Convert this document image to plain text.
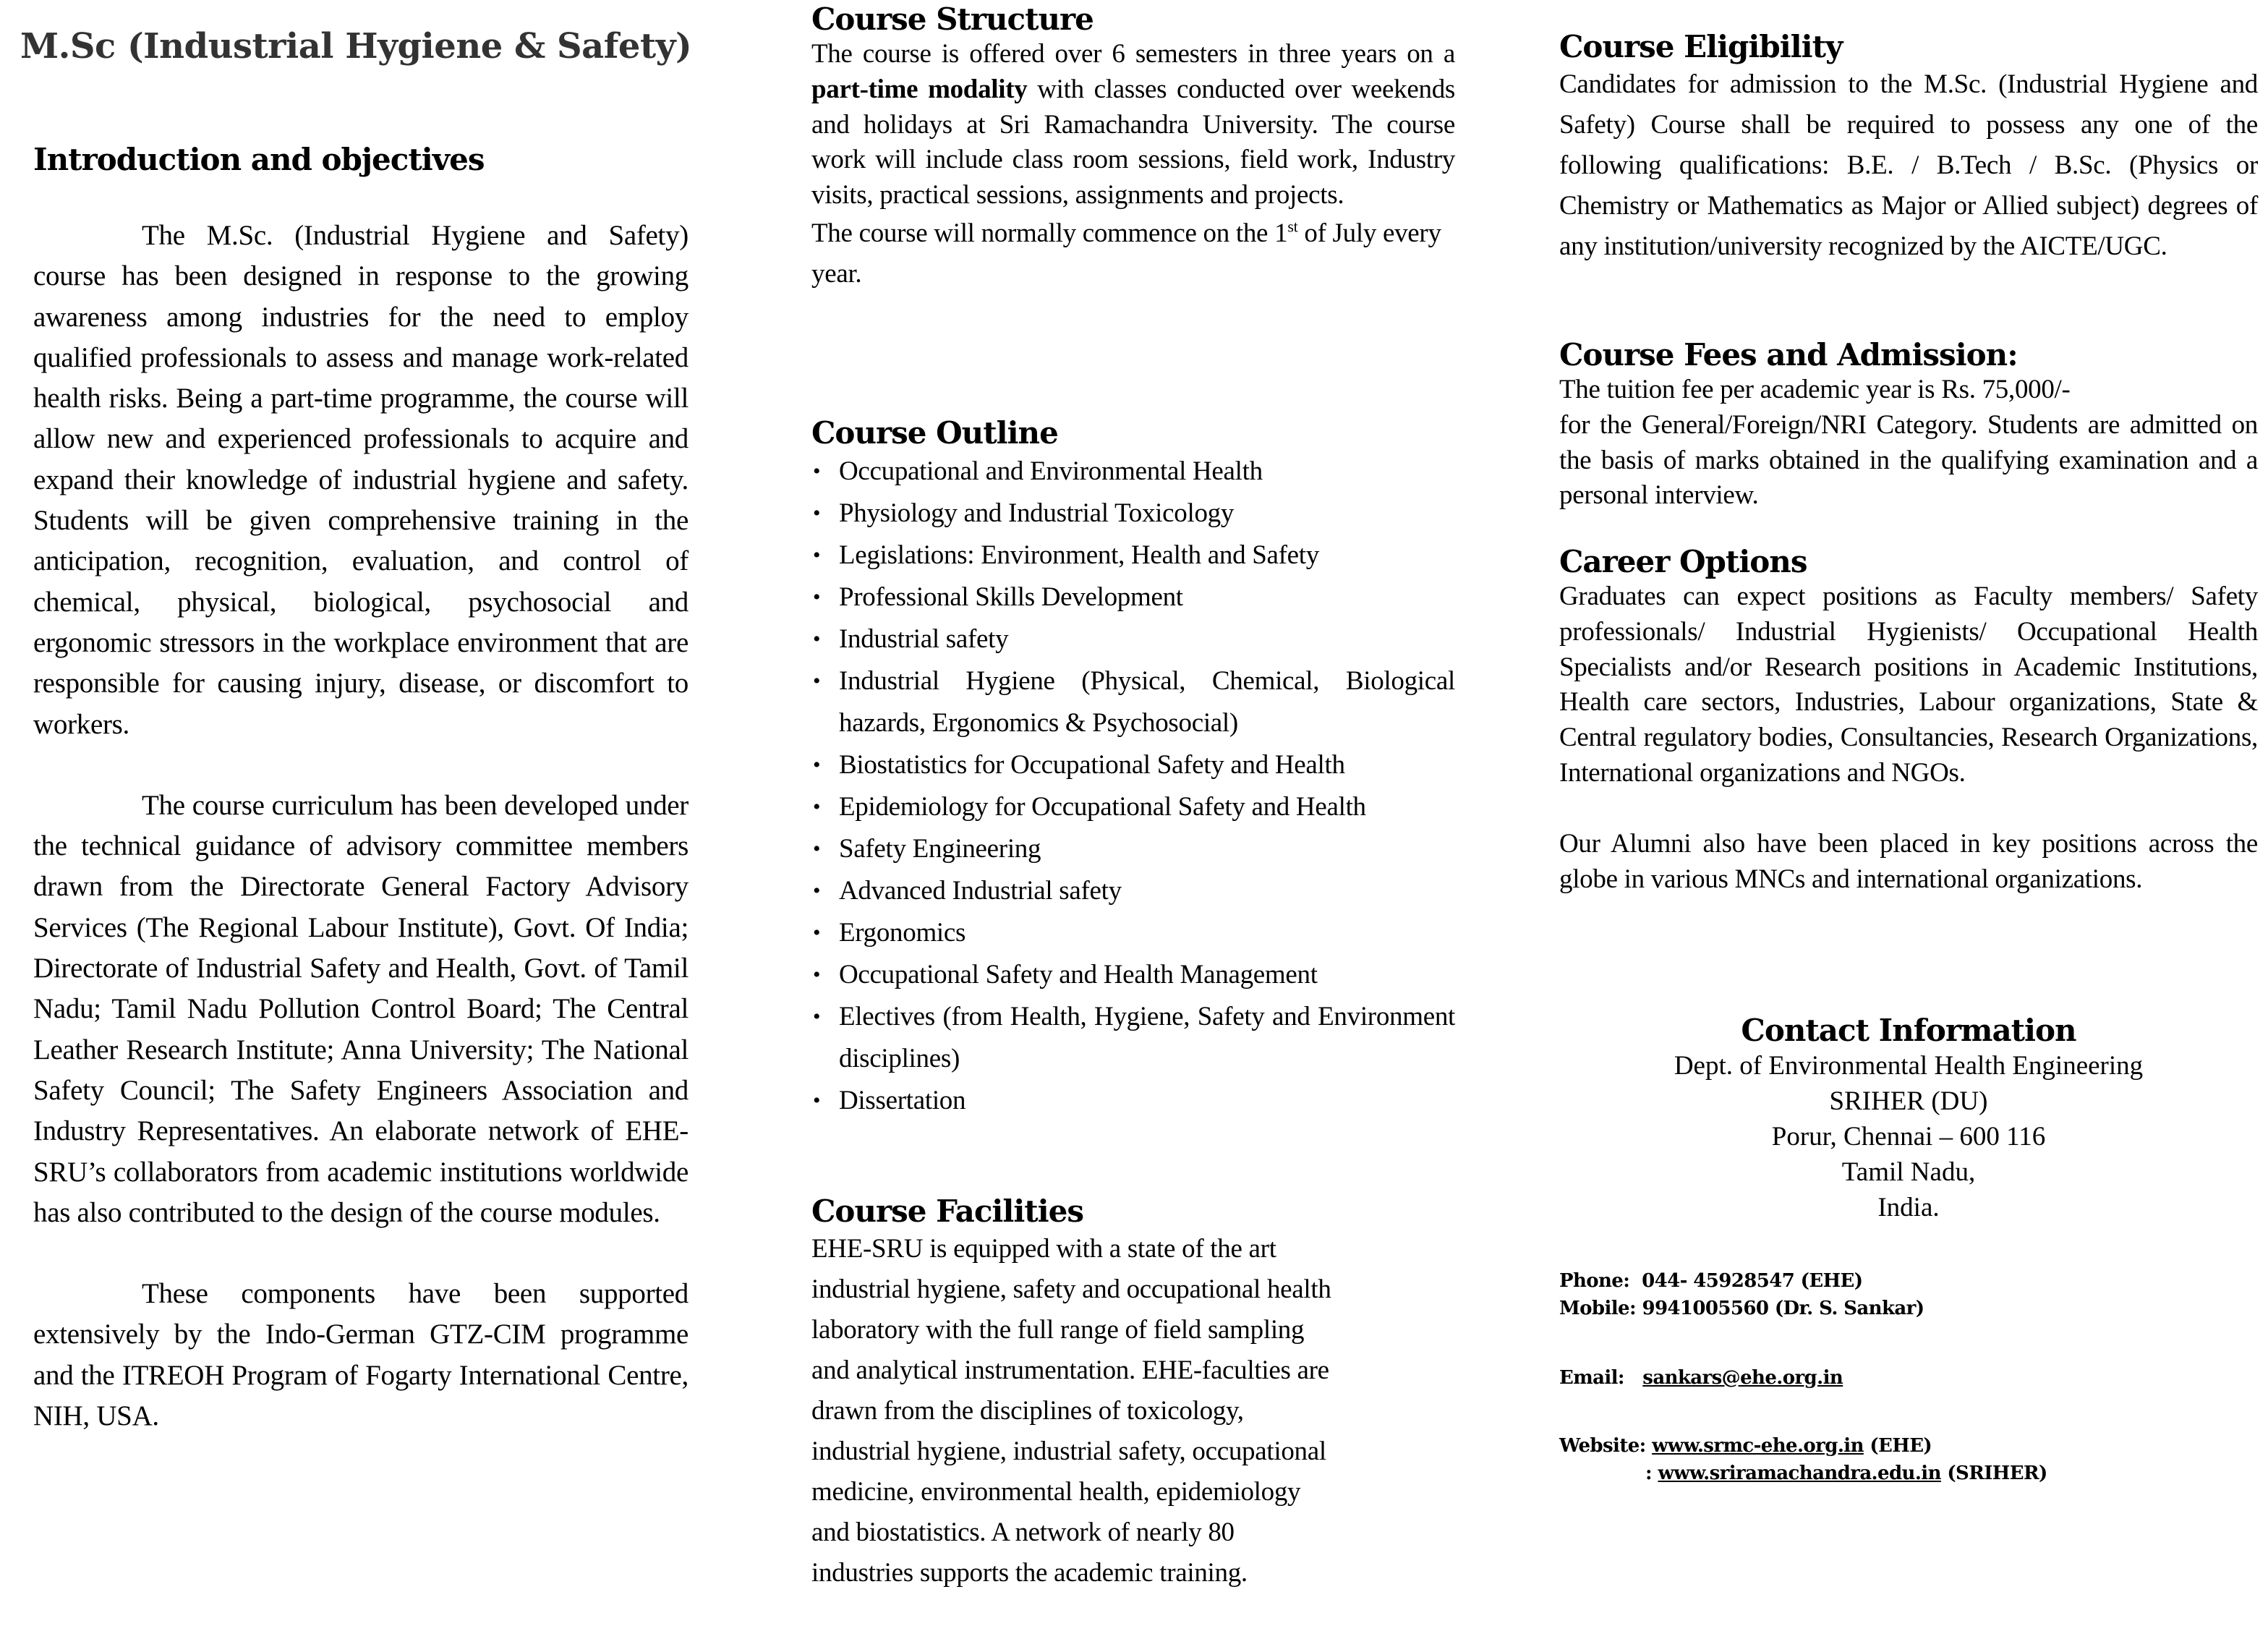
M.Sc (Industrial Hygiene & Safety)
Introduction and objectives

The M.Sc. (Industrial Hygiene and Safety) course has been designed in response to the growing awareness among industries for the need to employ qualified professionals to assess and manage work-related health risks. Being a part-time programme, the course will allow new and experienced professionals to acquire and expand their knowledge of industrial hygiene and safety. Students will be given comprehensive training in the anticipation, recognition, evaluation, and control of chemical, physical, biological, psychosocial and ergonomic stressors in the workplace environment that are responsible for causing injury, disease, or discomfort to workers.

The course curriculum has been developed under the technical guidance of advisory committee members drawn from the Directorate General Factory Advisory Services (The Regional Labour Institute), Govt. Of India; Directorate of Industrial Safety and Health, Govt. of Tamil Nadu; Tamil Nadu Pollution Control Board; The Central Leather Research Institute; Anna University; The National Safety Council; The Safety Engineers Association and Industry Representatives. An elaborate network of EHE-SRU’s collaborators from academic institutions worldwide has also contributed to the design of the course modules.

These components have been supported extensively by the Indo-German GTZ-CIM programme and the ITREOH Program of Fogarty International Centre, NIH, USA.

Course Structure

The course is offered over 6 semesters in three years on a part-time modality with classes conducted over weekends and holidays at Sri Ramachandra University. The course work will include class room sessions, field work, Industry visits, practical sessions, assignments and projects.

The course will normally commence on the 1st of July every year.

Course Outline
• Occupational and Environmental Health
• Physiology and Industrial Toxicology
• Legislations: Environment, Health and Safety
• Professional Skills Development
• Industrial safety
• Industrial Hygiene (Physical, Chemical, Biological hazards, Ergonomics & Psychosocial)
• Biostatistics for Occupational Safety and Health
• Epidemiology for Occupational Safety and Health
• Safety Engineering
• Advanced Industrial safety
• Ergonomics
• Occupational Safety and Health Management
• Electives (from Health, Hygiene, Safety and Environment disciplines)
• Dissertation
Course Facilities

EHE-SRU is equipped with a state of the art

industrial hygiene, safety and occupational health

laboratory with the full range of field sampling

and analytical instrumentation. EHE-faculties are

drawn from the disciplines of toxicology,

industrial hygiene, industrial safety, occupational

medicine, environmental health, epidemiology

and biostatistics. A network of nearly 80

industries supports the academic training.

Course Eligibility

Candidates for admission to the M.Sc. (Industrial Hygiene and Safety) Course shall be required to possess any one of the following qualifications: B.E. / B.Tech / B.Sc. (Physics or Chemistry or Mathematics as Major or Allied subject) degrees of any institution/university recognized by the AICTE/UGC.

Course Fees and Admission:

The tuition fee per academic year is Rs. 75,000/-

for the General/Foreign/NRI Category. Students are admitted on the basis of marks obtained in the qualifying examination and a personal interview.

Career Options

Graduates can expect positions as Faculty members/ Safety professionals/ Industrial Hygienists/ Occupational Health Specialists and/or Research positions in Academic Institutions, Health care sectors, Industries, Labour organizations, State & Central regulatory bodies, Consultancies, Research Organizations, International organizations and NGOs.

Our Alumni also have been placed in key positions across the globe in various MNCs and international organizations.

Contact Information

Dept. of Environmental Health Engineering

SRIHER (DU)

Porur, Chennai – 600 116

Tamil Nadu,

India.

Phone: 044- 45928547 (EHE)

Mobile: 9941005560 (Dr. S. Sankar)

Email: sankars@ehe.org.in

Website: www.srmc-ehe.org.in (EHE)

: www.sriramachandra.edu.in (SRIHER)
